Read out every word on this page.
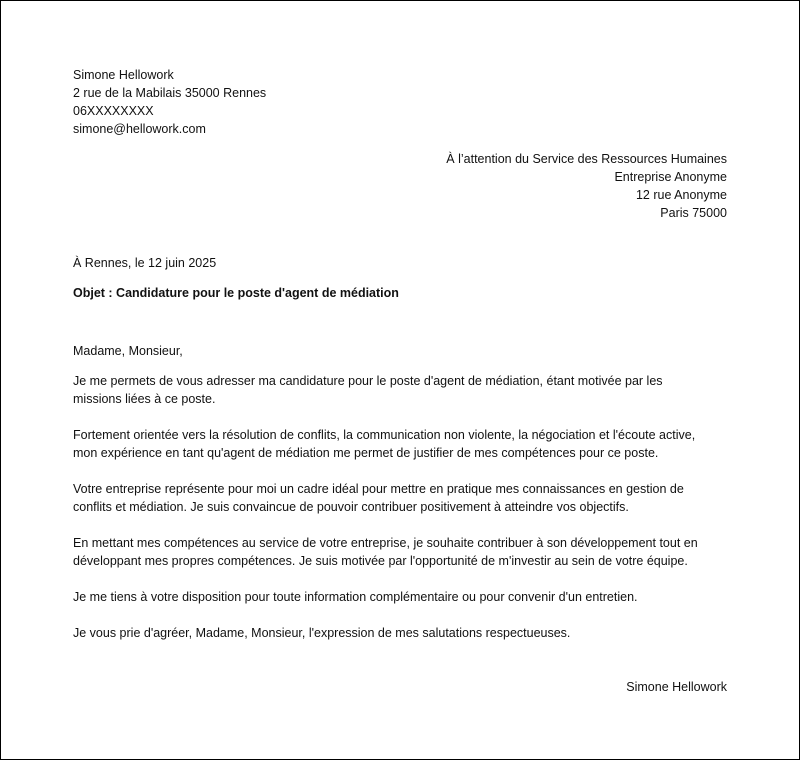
Simone Hellowork
2 rue de la Mabilais 35000 Rennes
06XXXXXXXX
simone@hellowork.com
À l’attention du Service des Ressources Humaines
Entreprise Anonyme
12 rue Anonyme
Paris 75000
À Rennes, le 12 juin 2025
Objet : Candidature pour le poste d'agent de médiation
Madame, Monsieur,
Je me permets de vous adresser ma candidature pour le poste d'agent de médiation, étant motivée par les
missions liées à ce poste.
Fortement orientée vers la résolution de conflits, la communication non violente, la négociation et l'écoute active,
mon expérience en tant qu'agent de médiation me permet de justifier de mes compétences pour ce poste.
Votre entreprise représente pour moi un cadre idéal pour mettre en pratique mes connaissances en gestion de
conflits et médiation. Je suis convaincue de pouvoir contribuer positivement à atteindre vos objectifs.
En mettant mes compétences au service de votre entreprise, je souhaite contribuer à son développement tout en
développant mes propres compétences. Je suis motivée par l'opportunité de m'investir au sein de votre équipe.
Je me tiens à votre disposition pour toute information complémentaire ou pour convenir d'un entretien.
Je vous prie d'agréer, Madame, Monsieur, l'expression de mes salutations respectueuses.
Simone Hellowork
